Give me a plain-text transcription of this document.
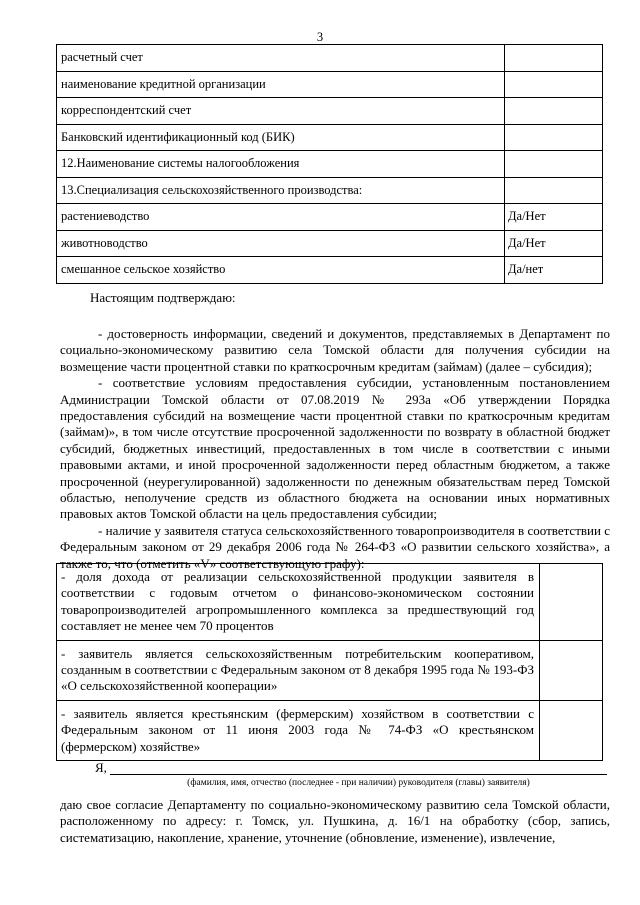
3
расчетный счет	
наименование кредитной организации	
корреспондентский счет	
Банковский идентификационный код (БИК)	
12.Наименование системы налогообложения	
13.Специализация сельскохозяйственного производства:	
растениеводство	Да/Нет
животноводство	Да/Нет
смешанное сельское хозяйство	Да/нет
Настоящим подтверждаю:

- достоверность информации, сведений и документов, представляемых в Департамент по социально-экономическому развитию села Томской области для получения субсидии на возмещение части процентной ставки по краткосрочным кредитам (займам) (далее – субсидия);

- соответствие условиям предоставления субсидии, установленным постановлением Администрации Томской области от 07.08.2019 № 293а «Об утверждении Порядка предоставления субсидий на возмещение части процентной ставки по краткосрочным кредитам (займам)», в том числе отсутствие просроченной задолженности по возврату в областной бюджет субсидий, бюджетных инвестиций, предоставленных в том числе в соответствии с иными правовыми актами, и иной просроченной задолженности перед областным бюджетом, а также просроченной (неурегулированной) задолженности по денежным обязательствам перед Томской областью, неполучение средств из областного бюджета на основании иных нормативных правовых актов Томской области на цель предоставления субсидии;

- наличие у заявителя статуса сельскохозяйственного товаропроизводителя в соответствии с Федеральным законом от 29 декабря 2006 года № 264-ФЗ «О развитии сельского хозяйства», а также то, что (отметить «V» соответствующую графу):

- доля дохода от реализации сельскохозяйственной продукции заявителя в соответствии с годовым отчетом о финансово-экономическом состоянии товаропроизводителей агропромышленного комплекса за предшествующий год составляет не менее чем 70 процентов	
- заявитель является сельскохозяйственным потребительским кооперативом, созданным в соответствии с Федеральным законом от 8 декабря 1995 года № 193-ФЗ «О сельскохозяйственной кооперации»	
- заявитель является крестьянским (фермерским) хозяйством в соответствии с Федеральным законом от 11 июня 2003 года № 74-ФЗ «О крестьянском (фермерском) хозяйстве»	
Я,
(фамилия, имя, отчество (последнее - при наличии) руководителя (главы) заявителя)

даю свое согласие Департаменту по социально-экономическому развитию села Томской области, расположенному по адресу: г. Томск, ул. Пушкина, д. 16/1 на обработку (сбор, запись, систематизацию, накопление, хранение, уточнение (обновление, изменение), извлечение,
